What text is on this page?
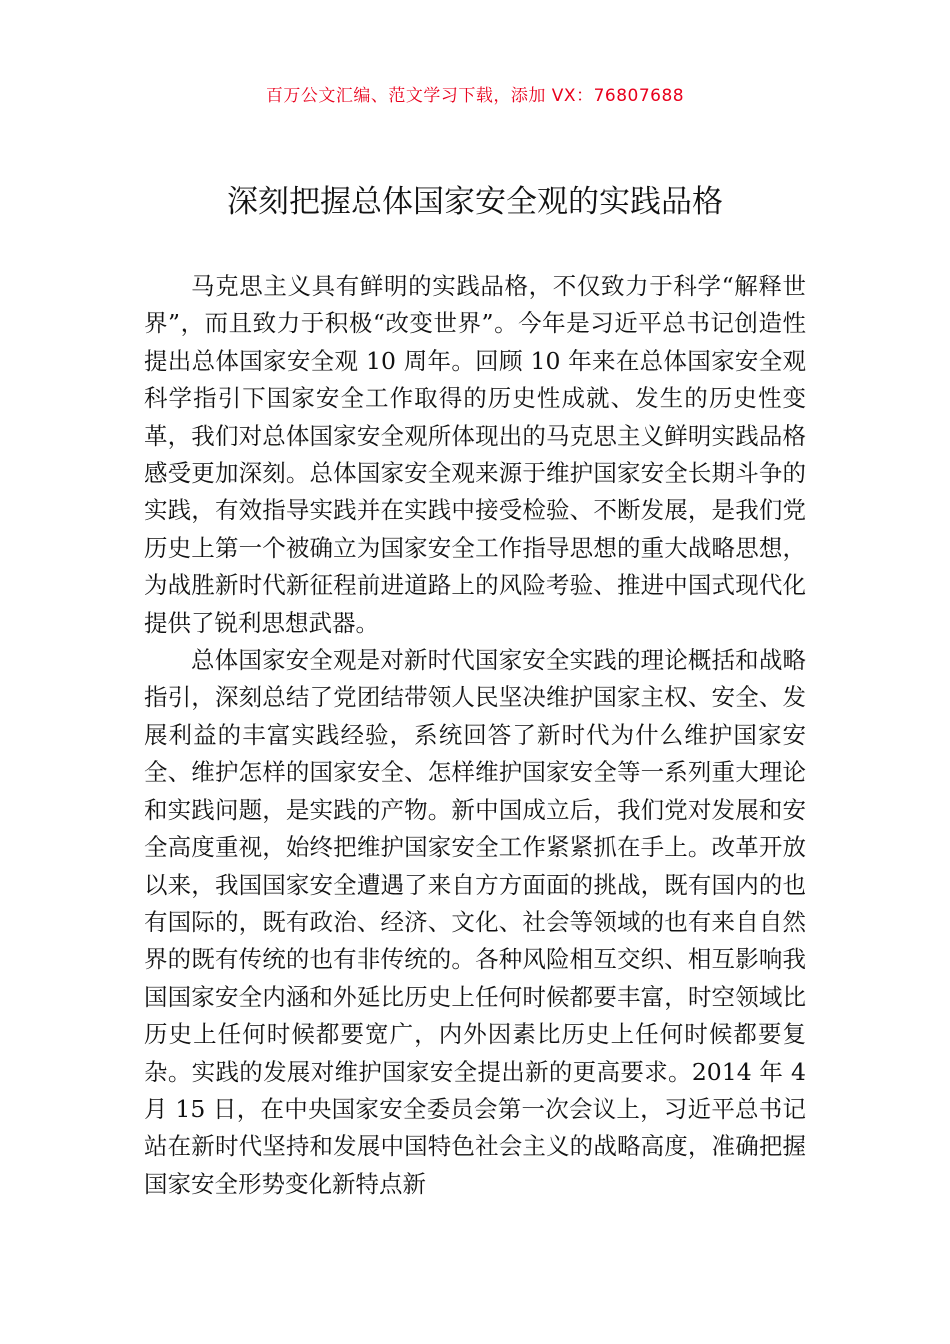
百万公文汇编、范文学习下载，添加 VX：76807688
深刻把握总体国家安全观的实践品格

马克思主义具有鲜明的实践品格，不仅致力于科学“解释世界”，而且致力于积极“改变世界”。今年是习近平总书记创造性提出总体国家安全观 10 周年。回顾 10 年来在总体国家安全观科学指引下国家安全工作取得的历史性成就、发生的历史性变革，我们对总体国家安全观所体现出的马克思主义鲜明实践品格感受更加深刻。总体国家安全观来源于维护国家安全长期斗争的实践，有效指导实践并在实践中接受检验、不断发展，是我们党历史上第一个被确立为国家安全工作指导思想的重大战略思想，为战胜新时代新征程前进道路上的风险考验、推进中国式现代化提供了锐利思想武器。

总体国家安全观是对新时代国家安全实践的理论概括和战略指引，深刻总结了党团结带领人民坚决维护国家主权、安全、发展利益的丰富实践经验，系统回答了新时代为什么维护国家安全、维护怎样的国家安全、怎样维护国家安全等一系列重大理论和实践问题，是实践的产物。新中国成立后，我们党对发展和安全高度重视，始终把维护国家安全工作紧紧抓在手上。改革开放以来，我国国家安全遭遇了来自方方面面的挑战，既有国内的也有国际的，既有政治、经济、文化、社会等领域的也有来自自然界的既有传统的也有非传统的。各种风险相互交织、相互影响我国国家安全内涵和外延比历史上任何时候都要丰富，时空领域比历史上任何时候都要宽广，内外因素比历史上任何时候都要复杂。实践的发展对维护国家安全提出新的更高要求。2014 年 4 月 15 日，在中央国家安全委员会第一次会议上，习近平总书记站在新时代坚持和发展中国特色社会主义的战略高度，准确把握国家安全形势变化新特点新
